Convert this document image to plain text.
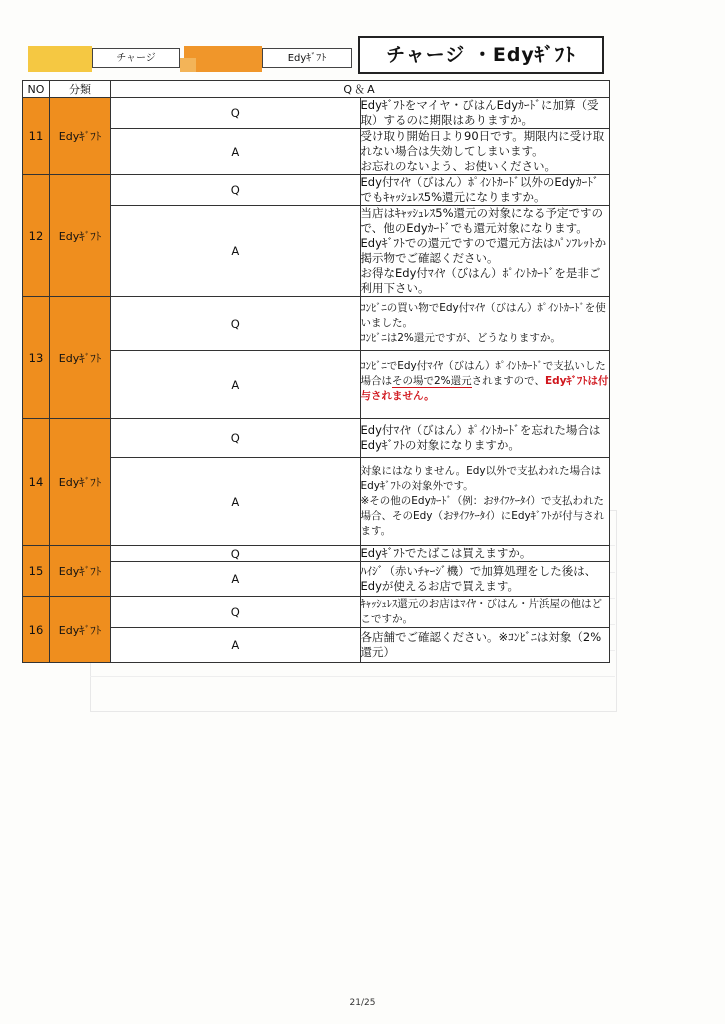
チャージ	Edyｷﾞﾌﾄ	チャージ ・Edyｷﾞﾌﾄ
NO	分類	Q＆A	
11	Edyｷﾞﾌﾄ	Q	Edyｷﾞﾌﾄをマイヤ・びはんEdyｶｰﾄﾞに加算（受取）するのに期限はありますか。
		A	受け取り開始日より90日です。期限内に受け取れない場合は失効してしまいます。
お忘れのないよう、お使いください。

12	Edyｷﾞﾌﾄ	Q	Edy付ﾏｲﾔ（びはん）ﾎﾟｲﾝﾄｶｰﾄﾞ以外のEdyｶｰﾄﾞでもｷｬｯｼｭﾚｽ5%還元になりますか。
		A	当店はｷｬｯｼｭﾚｽ5%還元の対象になる予定ですので、他のEdyｶｰﾄﾞでも還元対象になります。
Edyｷﾞﾌﾄでの還元ですので還元方法はﾊﾟﾝﾌﾚｯﾄか掲示物でご確認ください。
お得なEdy付ﾏｲﾔ（びはん）ﾎﾟｲﾝﾄｶｰﾄﾞを是非ご利用下さい。

13	Edyｷﾞﾌﾄ	Q	ｺﾝﾋﾞﾆの買い物でEdy付ﾏｲﾔ（びはん）ﾎﾟｲﾝﾄｶｰﾄﾞを使いました。
ｺﾝﾋﾞﾆは2%還元ですが、どうなりますか。

		A	ｺﾝﾋﾞﾆでEdy付ﾏｲﾔ（びはん）ﾎﾟｲﾝﾄｶｰﾄﾞで支払いした場合はその場で2%還元されますので、Edyｷﾞﾌﾄは付与されません。
14	Edyｷﾞﾌﾄ	Q	Edy付ﾏｲﾔ（びはん）ﾎﾟｲﾝﾄｶｰﾄﾞを忘れた場合はEdyｷﾞﾌﾄの対象になりますか。
		A	対象にはなりません。Edy以外で支払われた場合はEdyｷﾞﾌﾄの対象外です。
※その他のEdyｶｰﾄﾞ（例：おｻｲﾌｹｰﾀｲ）で支払われた場合、そのEdy（おｻｲﾌｹｰﾀｲ）にEdyｷﾞﾌﾄが付与されます。

15	Edyｷﾞﾌﾄ	Q	Edyｷﾞﾌﾄでたばこは買えますか。
		A	ﾊｲｼﾞ（赤いﾁｬｰｼﾞ機）で加算処理をした後は、Edyが使えるお店で買えます。
16	Edyｷﾞﾌﾄ	Q	ｷｬｯｼｭﾚｽ還元のお店はﾏｲﾔ・びはん・片浜屋の他はどこですか。
		A	各店舗でご確認ください。※ｺﾝﾋﾞﾆは対象（2%還元）
21/25
